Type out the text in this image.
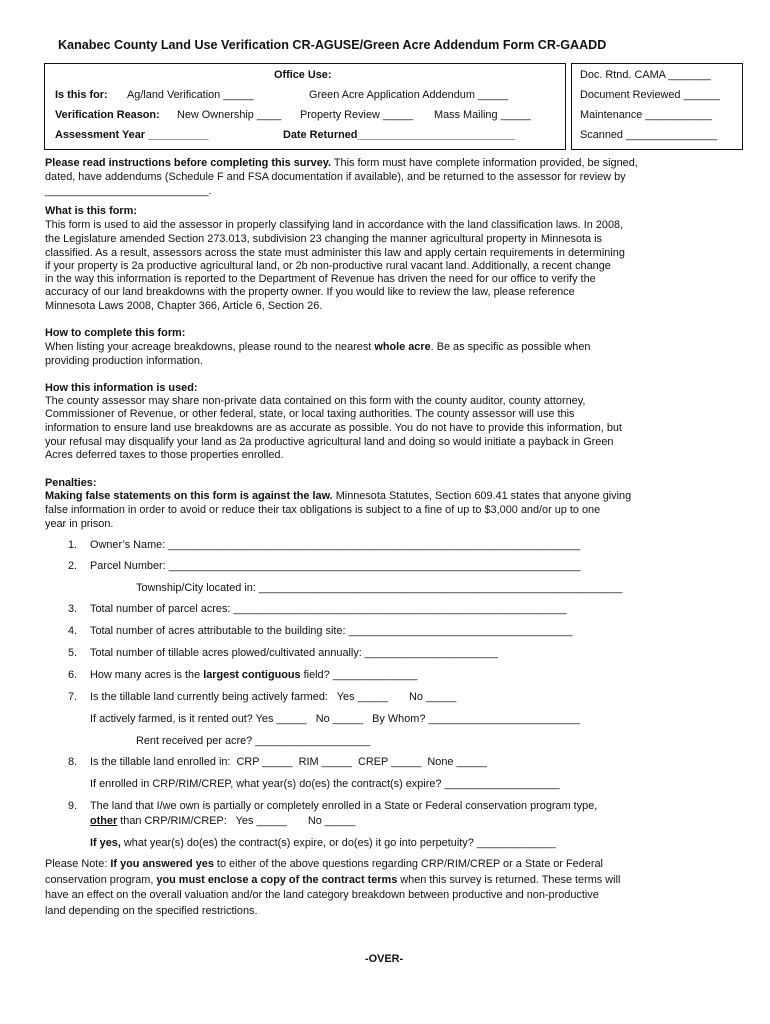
Kanabec County Land Use Verification CR-AGUSE/Green Acre Addendum Form CR-GAADD
Office Use:
Is this for: Ag/land Verification _____	Green Acre Application Addendum _____
Verification Reason: New Ownership ____ Property Review _____ Mass Mailing _____
Assessment Year __________	Date Returned__________________________
Doc. Rtnd. CAMA _______
Document Reviewed ______
Maintenance ___________
Scanned _______________
Please read instructions before completing this survey. This form must have complete information provided, be signed,
dated, have addendums (Schedule F and FSA documentation if available), and be returned to the assessor for review by
___________________________.
What is this form:
This form is used to aid the assessor in properly classifying land in accordance with the land classification laws. In 2008,
the Legislature amended Section 273.013, subdivision 23 changing the manner agricultural property in Minnesota is
classified. As a result, assessors across the state must administer this law and apply certain requirements in determining
if your property is 2a productive agricultural land, or 2b non-productive rural vacant land. Additionally, a recent change
in the way this information is reported to the Department of Revenue has driven the need for our office to verify the
accuracy of our land breakdowns with the property owner. If you would like to review the law, please reference
Minnesota Laws 2008, Chapter 366, Article 6, Section 26.
How to complete this form:
When listing your acreage breakdowns, please round to the nearest whole acre. Be as specific as possible when
providing production information.
How this information is used:
The county assessor may share non-private data contained on this form with the county auditor, county attorney,
Commissioner of Revenue, or other federal, state, or local taxing authorities. The county assessor will use this
information to ensure land use breakdowns are as accurate as possible. You do not have to provide this information, but
your refusal may disqualify your land as 2a productive agricultural land and doing so would initiate a payback in Green
Acres deferred taxes to those properties enrolled.
Penalties:
Making false statements on this form is against the law. Minnesota Statutes, Section 609.41 states that anyone giving
false information in order to avoid or reduce their tax obligations is subject to a fine of up to $3,000 and/or up to one
year in prison.
1. Owner’s Name: ____________________________________________________________________
2. Parcel Number: ____________________________________________________________________
Township/City located in: ____________________________________________________________
3. Total number of parcel acres: _______________________________________________________
4. Total number of acres attributable to the building site: _____________________________________
5. Total number of tillable acres plowed/cultivated annually: ______________________
6. How many acres is the largest contiguous field? ______________
7. Is the tillable land currently being actively farmed:   Yes _____       No _____
If actively farmed, is it rented out? Yes _____   No _____   By Whom? _________________________
Rent received per acre? ___________________
8. Is the tillable land enrolled in:  CRP _____  RIM _____  CREP _____  None _____
If enrolled in CRP/RIM/CREP, what year(s) do(es) the contract(s) expire? ___________________
9. The land that I/we own is partially or completely enrolled in a State or Federal conservation program type,
other than CRP/RIM/CREP:   Yes _____       No _____
If yes, what year(s) do(es) the contract(s) expire, or do(es) it go into perpetuity? _____________
Please Note: If you answered yes to either of the above questions regarding CRP/RIM/CREP or a State or Federal
conservation program, you must enclose a copy of the contract terms when this survey is returned. These terms will
have an effect on the overall valuation and/or the land category breakdown between productive and non-productive
land depending on the specified restrictions.
-OVER-
